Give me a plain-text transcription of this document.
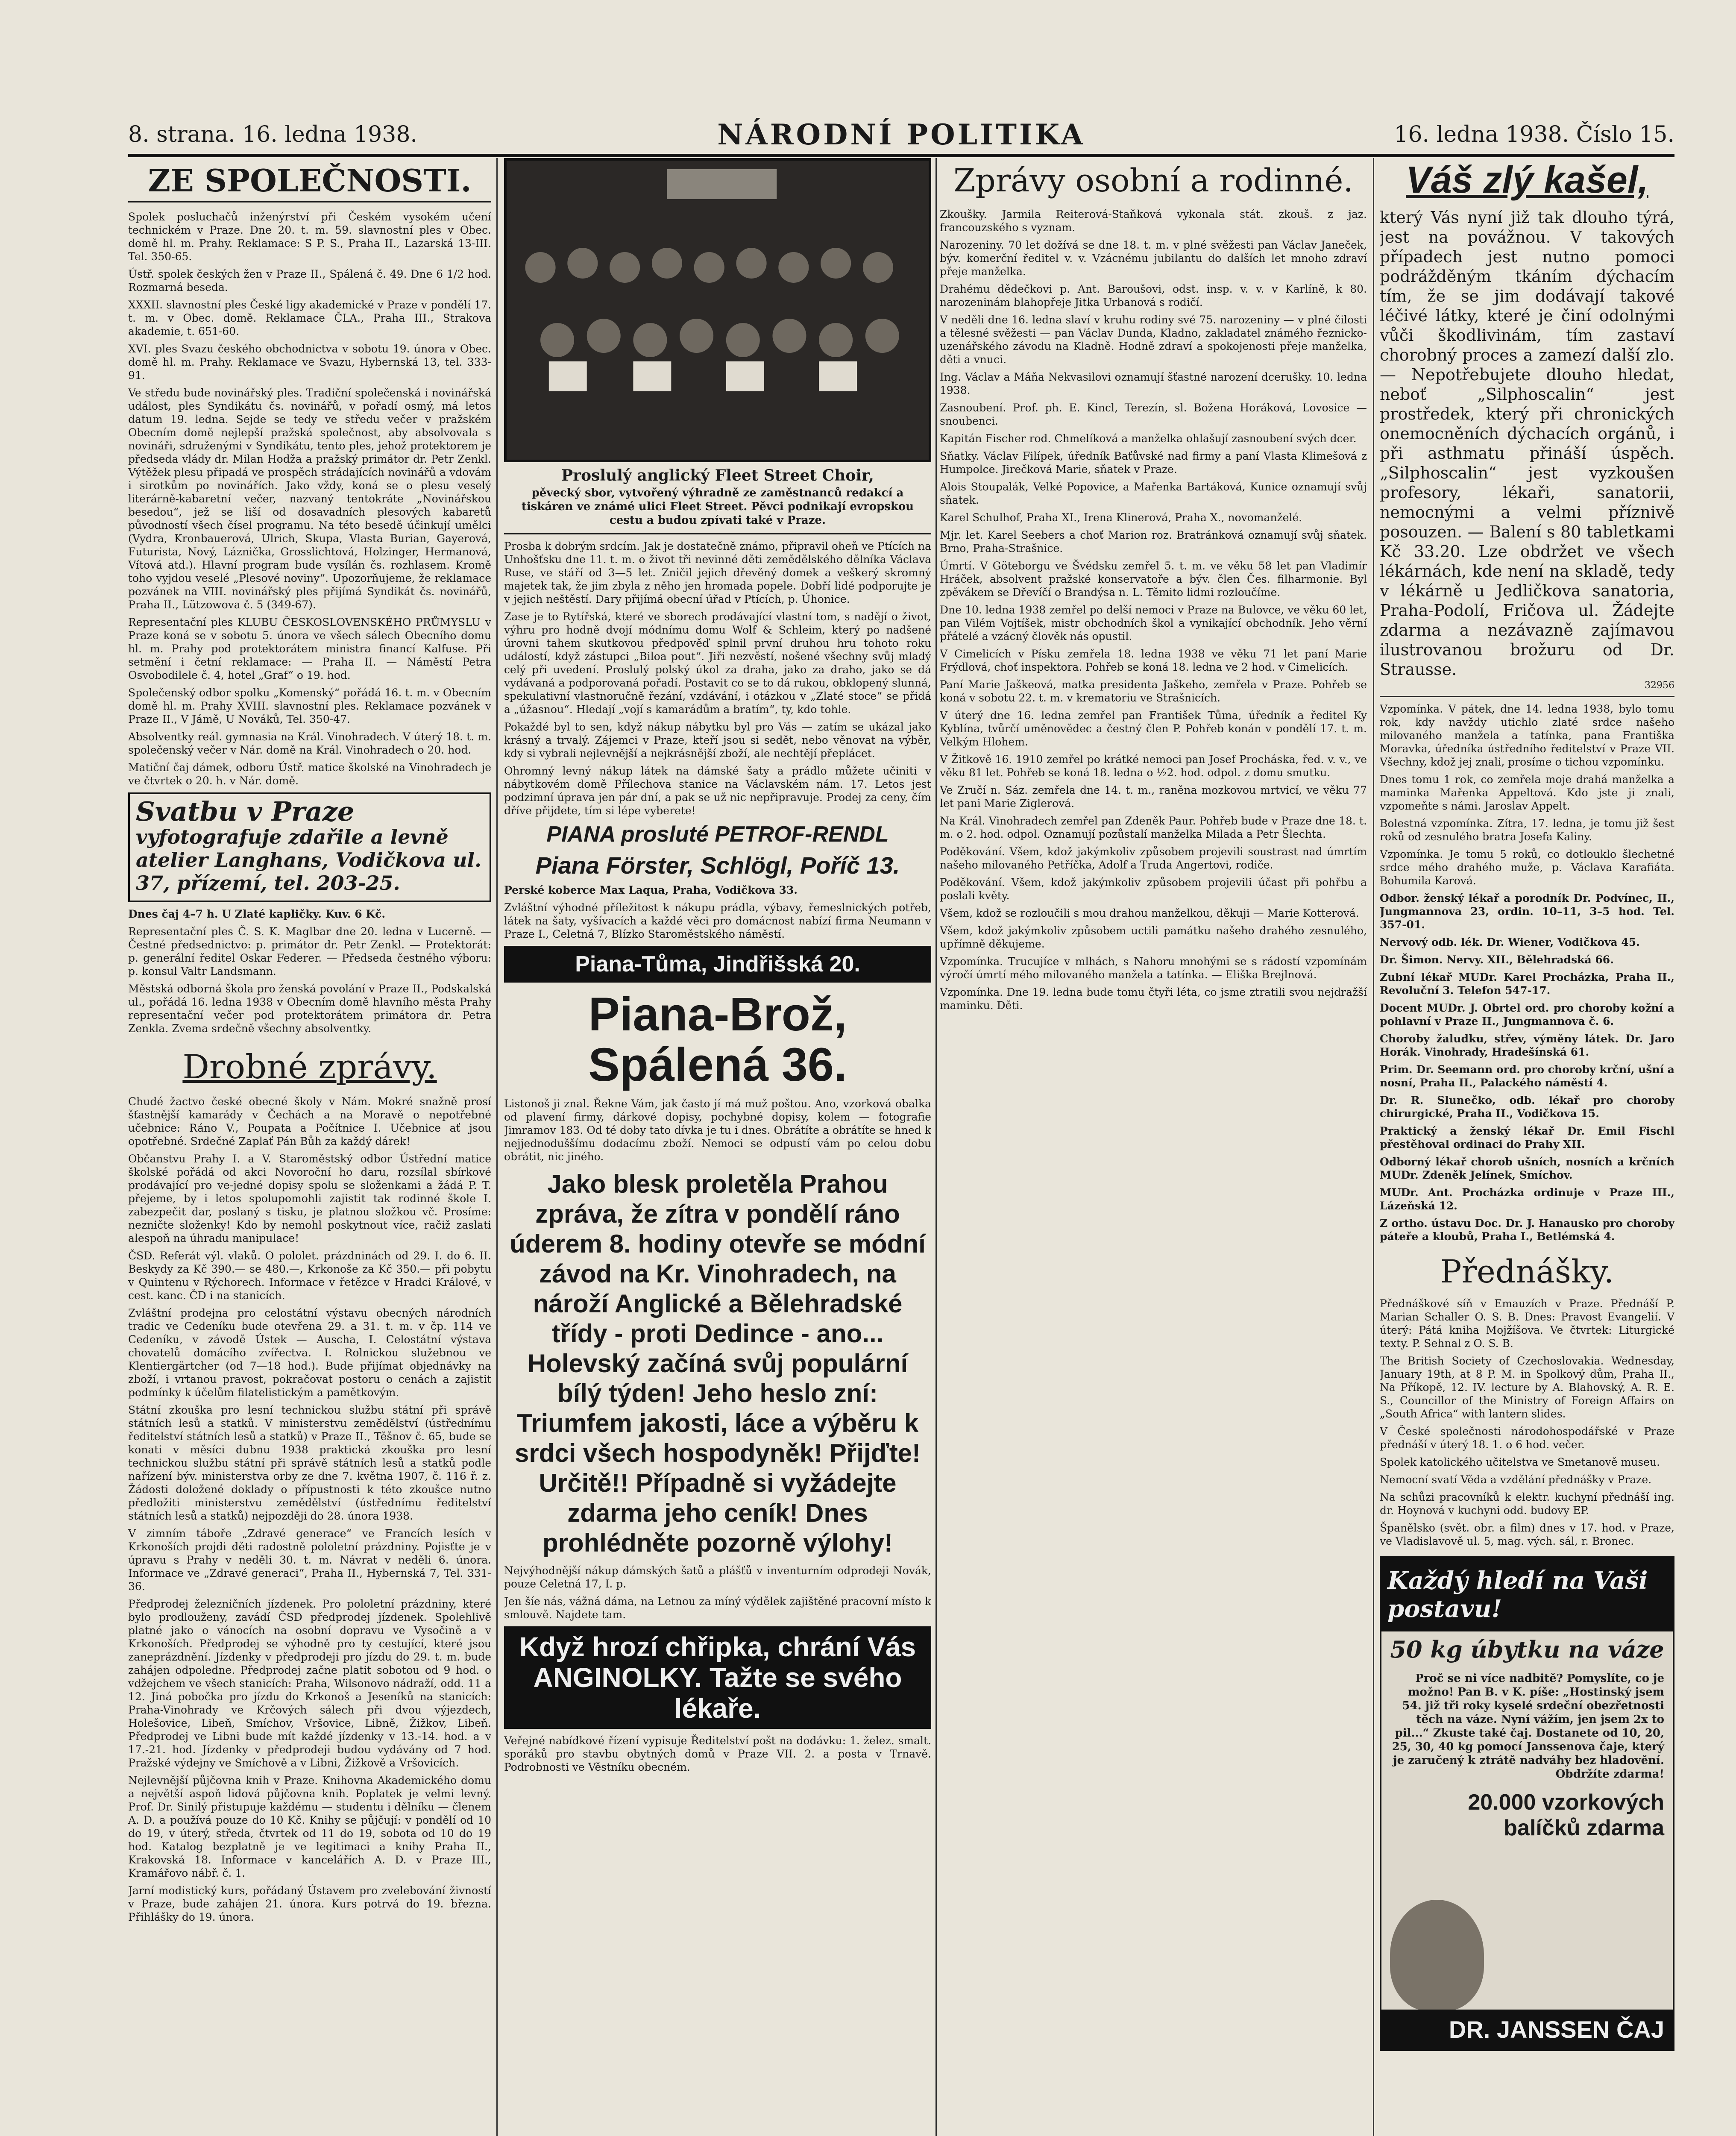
8. strana. 16. ledna 1938.	NÁRODNÍ POLITIKA	16. ledna 1938. Číslo 15.
ZE SPOLEČNOSTI.

Spolek posluchačů inženýrství při Českém vysokém učení technickém v Praze. Dne 20. t. m. 59. slavnostní ples v Obec. domě hl. m. Prahy. Reklamace: S P. S., Praha II., Lazarská 13-III. Tel. 350-65.

Ústř. spolek českých žen v Praze II., Spálená č. 49. Dne 6 1/2 hod. Rozmarná beseda.

XXXII. slavnostní ples České ligy akademické v Praze v pondělí 17. t. m. v Obec. domě. Reklamace ČLA., Praha III., Strakova akademie, t. 651-60.

XVI. ples Svazu českého obchodnictva v sobotu 19. února v Obec. domě hl. m. Prahy. Reklamace ve Svazu, Hybernská 13, tel. 333-91.

Ve středu bude novinářský ples. Tradiční společenská i novinářská událost, ples Syndikátu čs. novinářů, v pořadí osmý, má letos datum 19. ledna. Sejde se tedy ve středu večer v pražském Obecním domě nejlepší pražská společnost, aby absolvovala s novináři, sdruženými v Syndikátu, tento ples, jehož protektorem je předseda vlády dr. Milan Hodža a pražský primátor dr. Petr Zenkl. Výtěžek plesu připadá ve prospěch strádajících novinářů a vdovám i sirotkům po novinářích. Jako vždy, koná se o plesu veselý literárně-kabaretní večer, nazvaný tentokráte „Novinářskou besedou“, jež se liší od dosavadních plesových kabaretů původností všech čísel programu. Na této besedě účinkují umělci (Vydra, Kronbauerová, Ulrich, Skupa, Vlasta Burian, Gayerová, Futurista, Nový, Láznička, Grosslichtová, Holzinger, Hermanová, Vítová atd.). Hlavní program bude vysílán čs. rozhlasem. Kromě toho vyjdou veselé „Plesové noviny“. Upozorňujeme, že reklamace pozvánek na VIII. novinářský ples přijímá Syndikát čs. novinářů, Praha II., Lützowova č. 5 (349-67).

Representační ples KLUBU ČESKOSLOVENSKÉHO PRŮMYSLU v Praze koná se v sobotu 5. února ve všech sálech Obecního domu hl. m. Prahy pod protektorátem ministra financí Kalfuse. Při setmění i četní reklamace: — Praha II. — Náměstí Petra Osvobodilele č. 4, hotel „Graf“ o 19. hod.

Společenský odbor spolku „Komenský“ pořádá 16. t. m. v Obecním domě hl. m. Prahy XVIII. slavnostní ples. Reklamace pozvánek v Praze II., V Jámě, U Nováků, Tel. 350-47.

Absolventky reál. gymnasia na Král. Vinohradech. V úterý 18. t. m. společenský večer v Nár. domě na Král. Vinohradech o 20. hod.

Matiční čaj dámek, odboru Ústř. matice školské na Vinohradech je ve čtvrtek o 20. h. v Nár. domě.

Svatbu v Praze vyfotografuje zdařile a levně atelier Langhans, Vodičkova ul. 37, přízemí, tel. 203-25.

Dnes čaj 4–7 h. U Zlaté kapličky. Kuv. 6 Kč.

Representační ples Č. S. K. Maglbar dne 20. ledna v Lucerně. — Čestné předsednictvo: p. primátor dr. Petr Zenkl. — Protektorát: p. generální ředitel Oskar Federer. — Předseda čestného výboru: p. konsul Valtr Landsmann.

Městská odborná škola pro ženská povolání v Praze II., Podskalská ul., pořádá 16. ledna 1938 v Obecním domě hlavního města Prahy representační večer pod protektorátem primátora dr. Petra Zenkla. Zvema srdečně všechny absolventky.

Drobné zprávy.

Chudé žactvo české obecné školy v Nám. Mokré snažně prosí šťastnější kamarády v Čechách a na Moravě o nepotřebné učebnice: Ráno V., Poupata a Počítnice I. Učebnice ať jsou opotřebné. Srdečné Zaplať Pán Bůh za každý dárek!

Občanstvu Prahy I. a V. Staroměstský odbor Ústřední matice školské pořádá od akci Novoroční ho daru, rozsílal sbírkové prodávající pro ve-jedné dopisy spolu se složenkami a žádá P. T. přejeme, by i letos spolupomohli zajistit tak rodinné škole I. zabezpečit dar, poslaný s tisku, je platnou složkou vč. Prosíme: nezničte složenky! Kdo by nemohl poskytnout více, račiž zaslati alespoň na úhradu manipulace!

ČSD. Referát výl. vlaků. O pololet. prázdninách od 29. I. do 6. II. Beskydy za Kč 390.— se 480.—, Krkonoše za Kč 350.— při pobytu v Quintenu v Rýchorech. Informace v řetězce v Hradci Králové, v cest. kanc. ČD i na stanicích.

Zvláštní prodejna pro celostátní výstavu obecných národních tradic ve Cedeníku bude otevřena 29. a 31. t. m. v čp. 114 ve Cedeníku, v závodě Ústek — Auscha, I. Celostátní výstava chovatelů domácího zvířectva. I. Rolnickou služebnou ve Klentiergärtcher (od 7—18 hod.). Bude přijímat objednávky na zboží, i vrtanou pravost, pokračovat postoru o cenách a zajistit podmínky k účelům filatelistickým a pamětkovým.

Státní zkouška pro lesní technickou službu státní při správě státních lesů a statků. V ministerstvu zemědělství (ústřednímu ředitelství státních lesů a statků) v Praze II., Těšnov č. 65, bude se konati v měsíci dubnu 1938 praktická zkouška pro lesní technickou službu státní při správě státních lesů a statků podle nařízení býv. ministerstva orby ze dne 7. května 1907, č. 116 ř. z. Žádosti doložené doklady o přípustnosti k této zkoušce nutno předložiti ministerstvu zemědělství (ústřednímu ředitelství státních lesů a statků) nejpozději do 28. února 1938.

V zimním táboře „Zdravé generace“ ve Francích lesích v Krkonoších projdi děti radostně pololetní prázdniny. Pojisťte je v úpravu s Prahy v neděli 30. t. m. Návrat v neděli 6. února. Informace ve „Zdravé generaci“, Praha II., Hybernská 7, Tel. 331-36.

Předprodej železničních jízdenek. Pro pololetní prázdniny, které bylo prodlouženy, zavádí ČSD předprodej jízdenek. Spolehlivě platné jako o vánocích na osobní dopravu ve Vysočině a v Krkonoších. Předprodej se výhodně pro ty cestující, které jsou zaneprázdnění. Jízdenky v předprodeji pro jízdu do 29. t. m. bude zahájen odpoledne. Předprodej začne platit sobotou od 9 hod. o vdžejchem ve všech stanicích: Praha, Wilsonovo nádraží, odd. 11 a 12. Jiná pobočka pro jízdu do Krkonoš a Jeseníků na stanicích: Praha-Vinohrady ve Krčových sálech při dvou výjezdech, Holešovice, Libeň, Smíchov, Vršovice, Libně, Žižkov, Libeň. Předprodej ve Libni bude mít každé jízdenky v 13.-14. hod. a v 17.-21. hod. Jízdenky v předprodeji budou vydávány od 7 hod. Pražské výdejny ve Smíchově a v Libni, Žižkově a Vršovicích.

Nejlevnější půjčovna knih v Praze. Knihovna Akademického domu a největší aspoň lidová půjčovna knih. Poplatek je velmi levný. Prof. Dr. Sinilý přistupuje každému — studentu i dělníku — členem A. D. a používá pouze do 10 Kč. Knihy se půjčují: v pondělí od 10 do 19, v úterý, středa, čtvrtek od 11 do 19, sobota od 10 do 19 hod. Katalog bezplatně je ve legitimaci a knihy Praha II., Krakovská 18. Informace v kancelářích A. D. v Praze III., Kramářovo nábř. č. 1.

Jarní modistický kurs, pořádaný Ústavem pro zvelebování živností v Praze, bude zahájen 21. února. Kurs potrvá do 19. března. Přihlášky do 19. února.

Proslulý anglický Fleet Street Choir,
pěvecký sbor, vytvořený výhradně ze zaměstnanců redakcí a tiskáren ve známé ulici Fleet Street. Pěvci podnikají evropskou cestu a budou zpívati také v Praze.

Prosba k dobrým srdcím. Jak je dostatečně známo, připravil oheň ve Ptících na Unhošťsku dne 11. t. m. o život tři nevinné děti zemědělského dělníka Václava Ruse, ve stáří od 3—5 let. Zničil jejich dřevěný domek a veškerý skromný majetek tak, že jim zbyla z něho jen hromada popele. Dobří lidé podporujte je v jejich neštěstí. Dary přijímá obecní úřad v Ptících, p. Úhonice.

Zase je to Rytířská, které ve sborech prodávající vlastní tom, s nadějí o život, výhru pro hodně dvojí módnímu domu Wolf & Schleim, který po nadšené úrovni tahem skutkovou předpověď splnil první druhou hru tohoto roku událostí, když zástupci „Biloa pout“. Jiři nezvěstí, nošené všechny svůj mladý celý při uvedení. Proslulý polský úkol za draha, jako za draho, jako se dá vydávaná a podporovaná pořadí. Postavit co se to dá rukou, obklopený slunná, spekulativní vlastnoručně řezání, vzdávání, i otázkou v „Zlaté stoce“ se přidá a „úžasnou“. Hledají „vojí s kamarádům a bratím“, ty, kdo tohle.

Pokaždé byl to sen, když nákup nábytku byl pro Vás — zatím se ukázal jako krásný a trvalý. Zájemci v Praze, kteří jsou si sedět, nebo věnovat na výběr, kdy si vybrali nejlevnější a nejkrásnější zboží, ale nechtějí přeplácet.

Ohromný levný nákup látek na dámské šaty a prádlo můžete učiniti v nábytkovém domě Přílechova stanice na Václavském nám. 17. Letos jest podzimní úprava jen pár dní, a pak se už nic nepřipravuje. Prodej za ceny, čím dříve přijdete, tím si lépe vyberete!

PIANA prosluté PETROF-RENDL
Piana Förster, Schlögl, Poříč 13.

Perské koberce Max Laqua, Praha, Vodičkova 33.

Zvláštní výhodné příležitost k nákupu prádla, výbavy, řemeslnických potřeb, látek na šaty, vyšívacích a každé věci pro domácnost nabízí firma Neumann v Praze I., Celetná 7, Blízko Staroměstského náměstí.

Piana-Tůma, Jindřišská 20.
Piana-Brož,
Spálená 36.

Listonoš ji znal. Řekne Vám, jak často jí má muž poštou. Ano, vzorková obalka od plavení firmy, dárkové dopisy, pochybné dopisy, kolem — fotografie Jimramov 183. Od té doby tato dívka je tu i dnes. Obrátíte a obrátíte se hned k nejjednoduššímu dodacímu zboží. Nemoci se odpustí vám po celou dobu obrátit, nic jiného.

Jako blesk proletěla Prahou zpráva, že zítra v pondělí ráno úderem 8. hodiny otevře se módní závod na Kr. Vinohradech, na nároží Anglické a Bělehradské třídy - proti Dedince - ano... Holevský začíná svůj populární bílý týden! Jeho heslo zní: Triumfem jakosti, láce a výběru k srdci všech hospodyněk! Přijďte! Určitě!! Případně si vyžádejte zdarma jeho ceník! Dnes prohlédněte pozorně výlohy!

Nejvýhodnější nákup dámských šatů a plášťů v inventurním odprodeji Novák, pouze Celetná 17, I. p.

Jen šíe nás, vážná dáma, na Letnou za míný výdělek zajištěné pracovní místo k smlouvě. Najdete tam.

Když hrozí chřipka, chrání Vás ANGINOLKY. Tažte se svého lékaře.

Veřejné nabídkové řízení vypisuje Ředitelství pošt na dodávku: 1. želez. smalt. sporáků pro stavbu obytných domů v Praze VII. 2. a posta v Trnavě. Podrobnosti ve Věstníku obecném.

Zprávy osobní a rodinné.

Zkoušky. Jarmila Reiterová-Staňková vykonala stát. zkouš. z jaz. francouzského s vyznam.

Narozeniny. 70 let dožívá se dne 18. t. m. v plné svěžesti pan Václav Janeček, býv. komerční ředitel v. v. Vzácnému jubilantu do dalších let mnoho zdraví přeje manželka.

Drahému dědečkovi p. Ant. Baroušovi, odst. insp. v. v. v Karlíně, k 80. narozeninám blahopřeje Jitka Urbanová s rodičí.

V neděli dne 16. ledna slaví v kruhu rodiny své 75. narozeniny — v plné čilosti a tělesné svěžesti — pan Václav Dunda, Kladno, zakladatel známého řeznicko-uzenářského závodu na Kladně. Hodně zdraví a spokojenosti přeje manželka, děti a vnuci.

Ing. Václav a Máňa Nekvasilovi oznamují šťastné narození dcerušky. 10. ledna 1938.

Zasnoubení. Prof. ph. E. Kincl, Terezín, sl. Božena Horáková, Lovosice — snoubenci.

Kapitán Fischer rod. Chmelíková a manželka ohlašují zasnoubení svých dcer.

Sňatky. Václav Filípek, úředník Baťůvské nad firmy a paní Vlasta Klimešová z Humpolce. Jirečková Marie, sňatek v Praze.

Alois Stoupalák, Velké Popovice, a Mařenka Bartáková, Kunice oznamují svůj sňatek.

Karel Schulhof, Praha XI., Irena Klinerová, Praha X., novomanželé.

Mjr. let. Karel Seebers a choť Marion roz. Bratránková oznamují svůj sňatek. Brno, Praha-Strašnice.

Úmrtí. V Göteborgu ve Švédsku zemřel 5. t. m. ve věku 58 let pan Vladimír Hráček, absolvent pražské konservatoře a býv. člen Čes. filharmonie. Byl zpěvákem se Dřevíčí o Brandýsa n. L. Těmito lidmi rozloučíme.

Dne 10. ledna 1938 zemřel po delší nemoci v Praze na Bulovce, ve věku 60 let, pan Vilém Vojtíšek, mistr obchodních škol a vynikající obchodník. Jeho věrní přátelé a vzácný člověk nás opustil.

V Cimelicích v Písku zemřela 18. ledna 1938 ve věku 71 let paní Marie Frýdlová, choť inspektora. Pohřeb se koná 18. ledna ve 2 hod. v Cimelicích.

Paní Marie Jaškeová, matka presidenta Jaškeho, zemřela v Praze. Pohřeb se koná v sobotu 22. t. m. v krematoriu ve Strašnicích.

V úterý dne 16. ledna zemřel pan František Tůma, úředník a ředitel Ky Kyblína, tvůrčí uměnovědec a čestný člen P. Pohřeb konán v pondělí 17. t. m. Velkým Hlohem.

V Žitkově 16. 1910 zemřel po krátké nemoci pan Josef Procháska, řed. v. v., ve věku 81 let. Pohřeb se koná 18. ledna o ½2. hod. odpol. z domu smutku.

Ve Zručí n. Sáz. zemřela dne 14. t. m., raněna mozkovou mrtvicí, ve věku 77 let pani Marie Ziglerová.

Na Král. Vinohradech zemřel pan Zdeněk Paur. Pohřeb bude v Praze dne 18. t. m. o 2. hod. odpol. Oznamují pozůstalí manželka Milada a Petr Šlechta.

Poděkování. Všem, kdož jakýmkoliv způsobem projevili soustrast nad úmrtím našeho milovaného Petříčka, Adolf a Truda Angertovi, rodiče.

Poděkování. Všem, kdož jakýmkoliv způsobem projevili účast při pohřbu a poslali květy.

Všem, kdož se rozloučili s mou drahou manželkou, děkuji — Marie Kotterová.

Všem, kdož jakýmkoliv způsobem uctili památku našeho drahého zesnulého, upřímně děkujeme.

Vzpomínka. Trucujíce v mlhách, s Nahoru mnohými se s rádostí vzpomínám výročí úmrtí mého milovaného manžela a tatínka. — Eliška Brejlnová.

Vzpomínka. Dne 19. ledna bude tomu čtyři léta, co jsme ztratili svou nejdražší maminku. Děti.

Váš zlý kašel,

který Vás nyní již tak dlouho týrá, jest na povážnou. V takových případech jest nutno pomoci podrážděným tkáním dýchacím tím, že se jim dodávají takové léčivé látky, které je činí odolnými vůči škodlivinám, tím zastaví chorobný proces a zamezí další zlo. — Nepotřebujete dlouho hledat, neboť „Silphoscalin“ jest prostředek, který při chronických onemocněních dýchacích orgánů, i při asthmatu přináší úspěch. „Silphoscalin“ jest vyzkoušen profesory, lékaři, sanatorii, nemocnými a velmi příznivě posouzen. — Balení s 80 tabletkami Kč 33.20. Lze obdržet ve všech lékárnách, kde není na skladě, tedy v lékárně u Jedličkova sanatoria, Praha-Podolí, Fričova ul. Žádejte zdarma a nezávazně zajímavou ilustrovanou brožuru od Dr. Strausse.

32956

Vzpomínka. V pátek, dne 14. ledna 1938, bylo tomu rok, kdy navždy utichlo zlaté srdce našeho milovaného manžela a tatínka, pana Františka Moravka, úředníka ústředního ředitelství v Praze VII. Všechny, kdož jej znali, prosíme o tichou vzpomínku.

Dnes tomu 1 rok, co zemřela moje drahá manželka a maminka Mařenka Appeltová. Kdo jste ji znali, vzpomeňte s námi. Jaroslav Appelt.

Bolestná vzpomínka. Zítra, 17. ledna, je tomu již šest roků od zesnulého bratra Josefa Kaliny.

Vzpomínka. Je tomu 5 roků, co dotlouklo šlechetné srdce mého drahého muže, p. Václava Karafiáta. Bohumila Karová.

Odbor. ženský lékař a porodník Dr. Podvínec, II., Jungmannova 23, ordin. 10–11, 3–5 hod. Tel. 357-01.

Nervový odb. lék. Dr. Wiener, Vodičkova 45.

Dr. Šimon. Nervy. XII., Bělehradská 66.

Zubní lékař MUDr. Karel Procházka, Praha II., Revoluční 3. Telefon 547-17.

Docent MUDr. J. Obrtel ord. pro choroby kožní a pohlavní v Praze II., Jungmannova č. 6.

Choroby žaludku, střev, výměny látek. Dr. Jaro Horák. Vinohrady, Hradešínská 61.

Prim. Dr. Seemann ord. pro choroby krční, ušní a nosní, Praha II., Palackého náměstí 4.

Dr. R. Slunečko, odb. lékař pro choroby chirurgické, Praha II., Vodičkova 15.

Praktický a ženský lékař Dr. Emil Fischl přestěhoval ordinaci do Prahy XII.

Odborný lékař chorob ušních, nosních a krčních MUDr. Zdeněk Jelínek, Smíchov.

MUDr. Ant. Procházka ordinuje v Praze III., Lázeňská 12.

Z ortho. ústavu Doc. Dr. J. Hanausko pro choroby páteře a kloubů, Praha I., Betlémská 4.

Přednášky.

Přednáškové síň v Emauzích v Praze. Přednáší P. Marian Schaller O. S. B. Dnes: Pravost Evangelií. V úterý: Pátá kniha Mojžíšova. Ve čtvrtek: Liturgické texty. P. Sehnal z O. S. B.

The British Society of Czechoslovakia. Wednesday, January 19th, at 8 P. M. in Spolkový dům, Praha II., Na Příkopě, 12. IV. lecture by A. Blahovský, A. R. E. S., Councillor of the Ministry of Foreign Affairs on „South Africa“ with lantern slides.

V České společnosti národohospodářské v Praze přednáší v úterý 18. 1. o 6 hod. večer.

Spolek katolického učitelstva ve Smetanově museu.

Nemocní svatí Věda a vzdělání přednášky v Praze.

Na schůzi pracovníků k elektr. kuchyní přednáší ing. dr. Hoynová v kuchyni odd. budovy EP.

Španělsko (svět. obr. a film) dnes v 17. hod. v Praze, ve Vladislavově ul. 5, mag. vých. sál, r. Bronec.

Každý hledí na Vaši postavu!
50 kg úbytku na váze
Proč se ni více nadbitě? Pomyslíte, co je možno! Pan B. v K. píše: „Hostinský jsem 54. již tři roky kyselé srdeční obezřetnosti těch na váze. Nyní vážím, jen jsem 2x to pil...“ Zkuste také čaj. Dostanete od 10, 20, 25, 30, 40 kg pomocí Janssenova čaje, který je zaručený k ztrátě nadváhy bez hladovění. Obdržíte zdarma!
20.000 vzorkových balíčků zdarma
DR. JANSSEN ČAJ
